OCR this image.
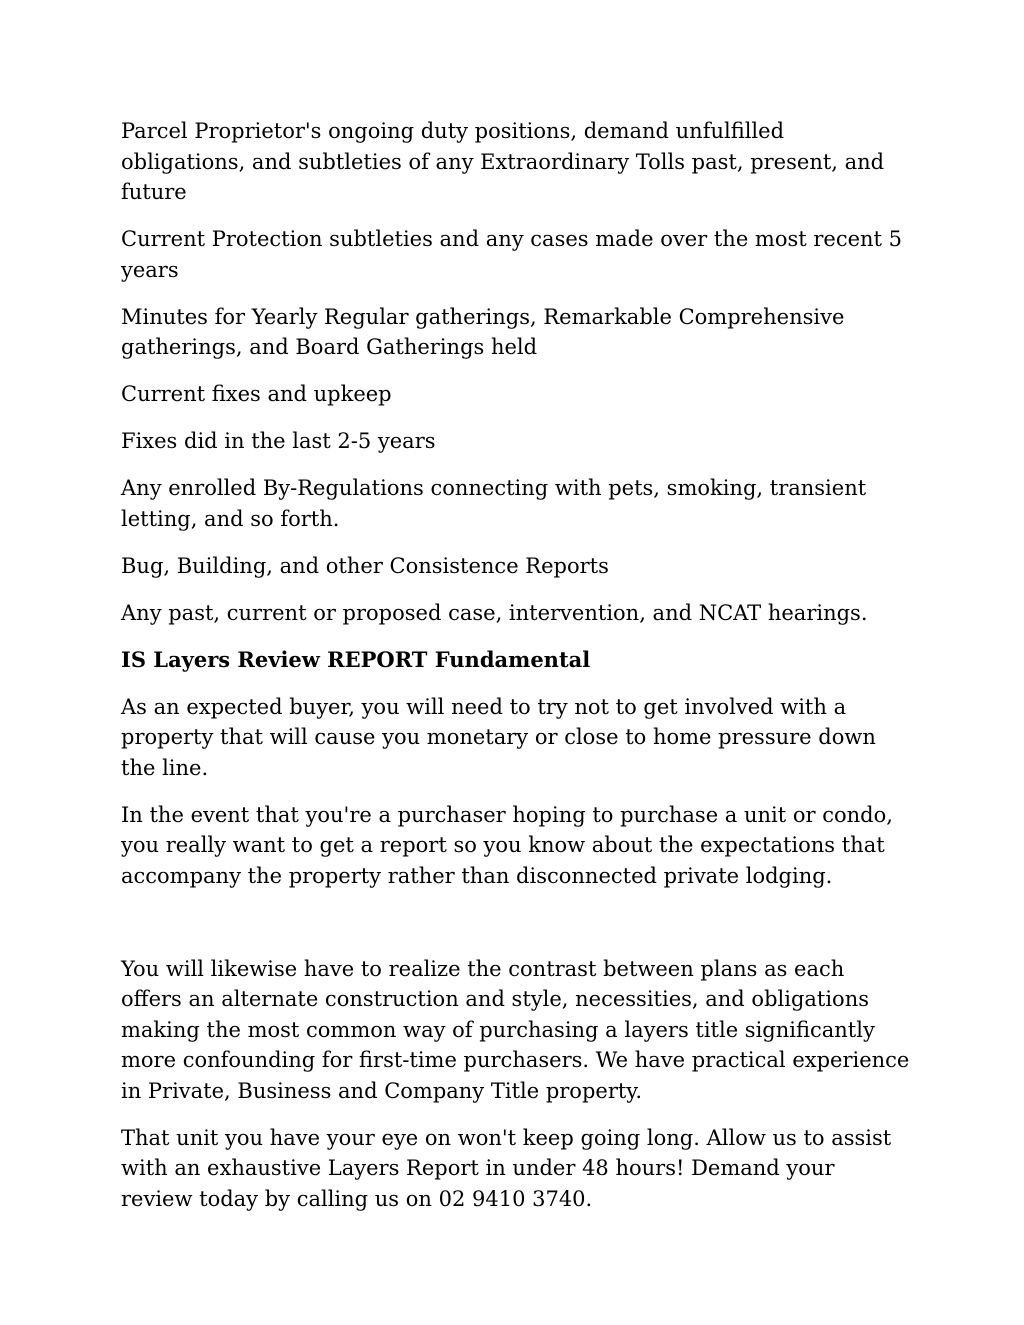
Parcel Proprietor's ongoing duty positions, demand unfulfilled obligations, and subtleties of any Extraordinary Tolls past, present, and future

Current Protection subtleties and any cases made over the most recent 5 years

Minutes for Yearly Regular gatherings, Remarkable Comprehensive gatherings, and Board Gatherings held

Current fixes and upkeep

Fixes did in the last 2-5 years

Any enrolled By-Regulations connecting with pets, smoking, transient letting, and so forth.

Bug, Building, and other Consistence Reports

Any past, current or proposed case, intervention, and NCAT hearings.

IS Layers Review REPORT Fundamental

As an expected buyer, you will need to try not to get involved with a property that will cause you monetary or close to home pressure down the line.

In the event that you're a purchaser hoping to purchase a unit or condo, you really want to get a report so you know about the expectations that accompany the property rather than disconnected private lodging.

You will likewise have to realize the contrast between plans as each offers an alternate construction and style, necessities, and obligations making the most common way of purchasing a layers title significantly more confounding for first-time purchasers. We have practical experience in Private, Business and Company Title property.

That unit you have your eye on won't keep going long. Allow us to assist with an exhaustive Layers Report in under 48 hours! Demand your review today by calling us on 02 9410 3740.
